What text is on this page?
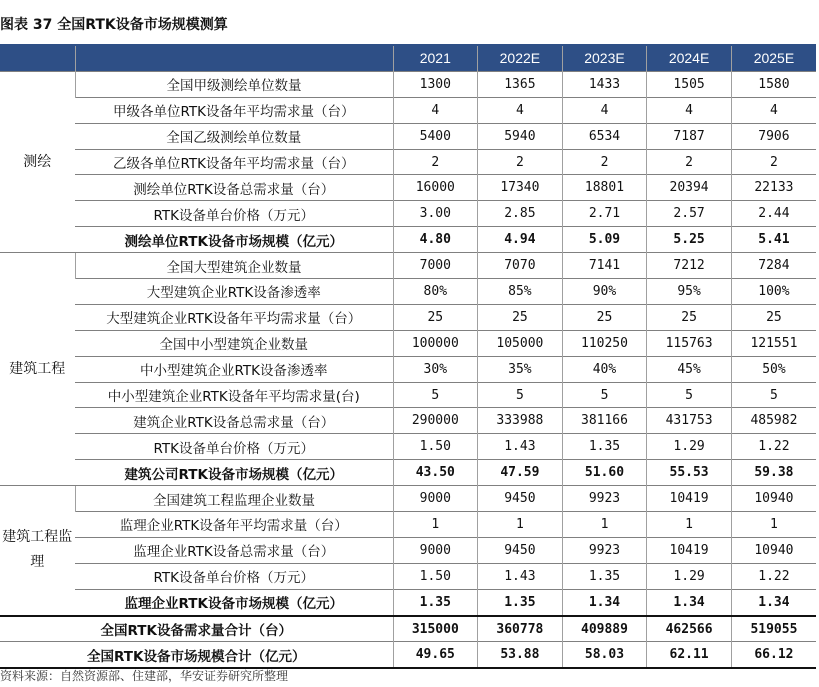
图表 37 全国RTK设备市场规模测算
		2021	2022E	2023E	2024E	2025E
测绘	全国甲级测绘单位数量	1300	1365	1433	1505	1580
	甲级各单位RTK设备年平均需求量（台）	4	4	4	4	4
	全国乙级测绘单位数量	5400	5940	6534	7187	7906
	乙级各单位RTK设备年平均需求量（台）	2	2	2	2	2
	测绘单位RTK设备总需求量（台）	16000	17340	18801	20394	22133
	RTK设备单台价格（万元）	3.00	2.85	2.71	2.57	2.44
	测绘单位RTK设备市场规模（亿元）	4.80	4.94	5.09	5.25	5.41
建筑工程	全国大型建筑企业数量	7000	7070	7141	7212	7284
	大型建筑企业RTK设备渗透率	80%	85%	90%	95%	100%
	大型建筑企业RTK设备年平均需求量（台）	25	25	25	25	25
	全国中小型建筑企业数量	100000	105000	110250	115763	121551
	中小型建筑企业RTK设备渗透率	30%	35%	40%	45%	50%
	中小型建筑企业RTK设备年平均需求量(台)	5	5	5	5	5
	建筑企业RTK设备总需求量（台）	290000	333988	381166	431753	485982
	RTK设备单台价格（万元）	1.50	1.43	1.35	1.29	1.22
	建筑公司RTK设备市场规模（亿元）	43.50	47.59	51.60	55.53	59.38
建筑工程监理	全国建筑工程监理企业数量	9000	9450	9923	10419	10940
	监理企业RTK设备年平均需求量（台）	1	1	1	1	1
	监理企业RTK设备总需求量（台）	9000	9450	9923	10419	10940
	RTK设备单台价格（万元）	1.50	1.43	1.35	1.29	1.22
	监理企业RTK设备市场规模（亿元）	1.35	1.35	1.34	1.34	1.34
全国RTK设备需求量合计（台）		315000	360778	409889	462566	519055
全国RTK设备市场规模合计（亿元）		49.65	53.88	58.03	62.11	66.12
资料来源：自然资源部、住建部，华安证券研究所整理
